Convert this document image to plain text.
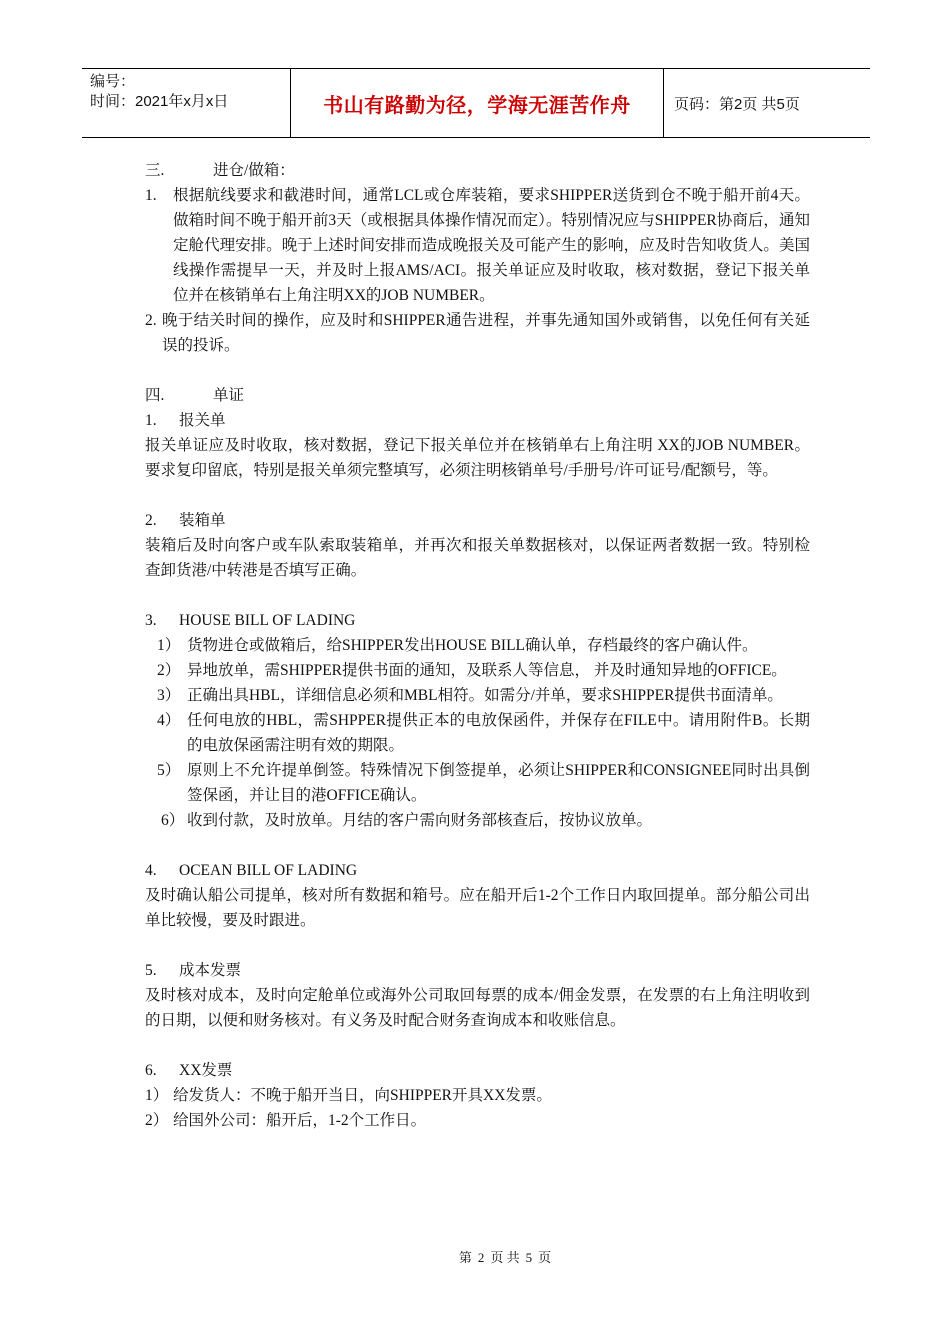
编号：
时间：2021年x月x日	书山有路勤为径，学海无涯苦作舟	页码：第2页 共5页
三.	进仓/做箱：
1.	根据航线要求和截港时间，通常LCL或仓库装箱，要求SHIPPER送货到仓不晚于船开前4天。做箱时间不晚于船开前3天（或根据具体操作情况而定）。特别情况应与SHIPPER协商后，通知定舱代理安排。晚于上述时间安排而造成晚报关及可能产生的影响，应及时告知收货人。美国线操作需提早一天，并及时上报AMS/ACI。报关单证应及时收取，核对数据，登记下报关单位并在核销单右上角注明XX的JOB NUMBER。
2. 晚于结关时间的操作，应及时和SHIPPER通告进程，并事先通知国外或销售，以免任何有关延误的投诉。
四.	单证
1.	报关单

报关单证应及时收取，核对数据，登记下报关单位并在核销单右上角注明 XX的JOB NUMBER。要求复印留底，特别是报关单须完整填写，必须注明核销单号/手册号/许可证号/配额号，等。

2.	装箱单

装箱后及时向客户或车队索取装箱单，并再次和报关单数据核对，以保证两者数据一致。特别检查卸货港/中转港是否填写正确。

3.	HOUSE BILL OF LADING
1） 货物进仓或做箱后，给SHIPPER发出HOUSE BILL确认单，存档最终的客户确认件。
2） 异地放单，需SHIPPER提供书面的通知，及联系人等信息， 并及时通知异地的OFFICE。
3） 正确出具HBL，详细信息必须和MBL相符。如需分/并单，要求SHIPPER提供书面清单。
4） 任何电放的HBL，需SHPPER提供正本的电放保函件，并保存在FILE中。请用附件B。长期的电放保函需注明有效的期限。
5） 原则上不允许提单倒签。特殊情况下倒签提单，必须让SHIPPER和CONSIGNEE同时出具倒签保函，并让目的港OFFICE确认。
6） 收到付款，及时放单。月结的客户需向财务部核查后，按协议放单。
4.	OCEAN BILL OF LADING

及时确认船公司提单，核对所有数据和箱号。应在船开后1-2个工作日内取回提单。部分船公司出单比较慢，要及时跟进。

5.	成本发票

及时核对成本，及时向定舱单位或海外公司取回每票的成本/佣金发票，在发票的右上角注明收到的日期，以便和财务核对。有义务及时配合财务查询成本和收账信息。

6.	XX发票
1） 给发货人：不晚于船开当日，向SHIPPER开具XX发票。
2） 给国外公司：船开后，1-2个工作日。
第 2 页 共 5 页
